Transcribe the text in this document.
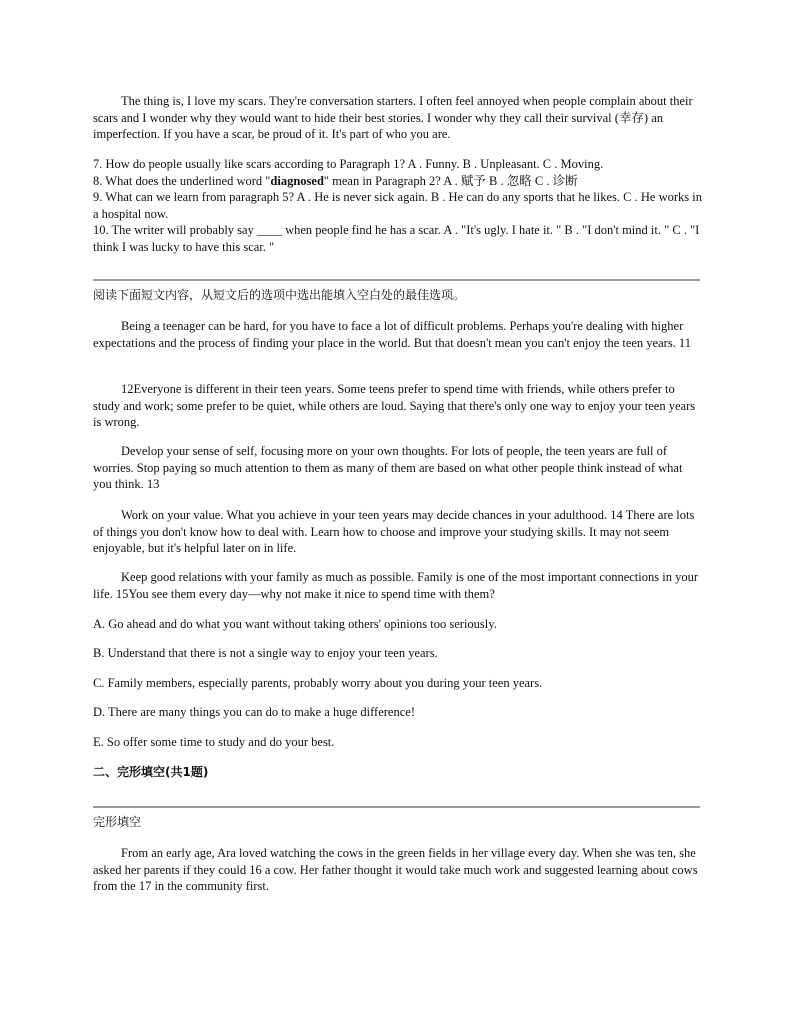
The thing is, I love my scars. They're conversation starters. I often feel annoyed when people complain about their scars and I wonder why they would want to hide their best stories. I wonder why they call their survival (幸存) an imperfection. If you have a scar, be proud of it. It's part of who you are.

7. How do people usually like scars according to Paragraph 1? A . Funny. B . Unpleasant. C . Moving.

8. What does the underlined word "diagnosed" mean in Paragraph 2? A . 赋予 B . 忽略 C . 诊断

9. What can we learn from paragraph 5? A . He is never sick again. B . He can do any sports that he likes. C . He works in a hospital now.

10. The writer will probably say ____ when people find he has a scar. A . "It's ugly. I hate it. " B . "I don't mind it. " C . "I think I was lucky to have this scar. "

阅读下面短文内容，从短文后的选项中选出能填入空白处的最佳选项。

Being a teenager can be hard, for you have to face a lot of difficult problems. Perhaps you're dealing with higher expectations and the process of finding your place in the world. But that doesn't mean you can't enjoy the teen years. 11

12Everyone is different in their teen years. Some teens prefer to spend time with friends, while others prefer to study and work; some prefer to be quiet, while others are loud. Saying that there's only one way to enjoy your teen years is wrong.

Develop your sense of self, focusing more on your own thoughts. For lots of people, the teen years are full of worries. Stop paying so much attention to them as many of them are based on what other people think instead of what you think. 13

Work on your value. What you achieve in your teen years may decide chances in your adulthood. 14 There are lots of things you don't know how to deal with. Learn how to choose and improve your studying skills. It may not seem enjoyable, but it's helpful later on in life.

Keep good relations with your family as much as possible. Family is one of the most important connections in your life. 15You see them every day—why not make it nice to spend time with them?

A. Go ahead and do what you want without taking others' opinions too seriously.

B. Understand that there is not a single way to enjoy your teen years.

C. Family members, especially parents, probably worry about you during your teen years.

D. There are many things you can do to make a huge difference!

E. So offer some time to study and do your best.

二、完形填空(共1题)

完形填空

From an early age, Ara loved watching the cows in the green fields in her village every day. When she was ten, she asked her parents if they could 16 a cow. Her father thought it would take much work and suggested learning about cows from the 17 in the community first.
